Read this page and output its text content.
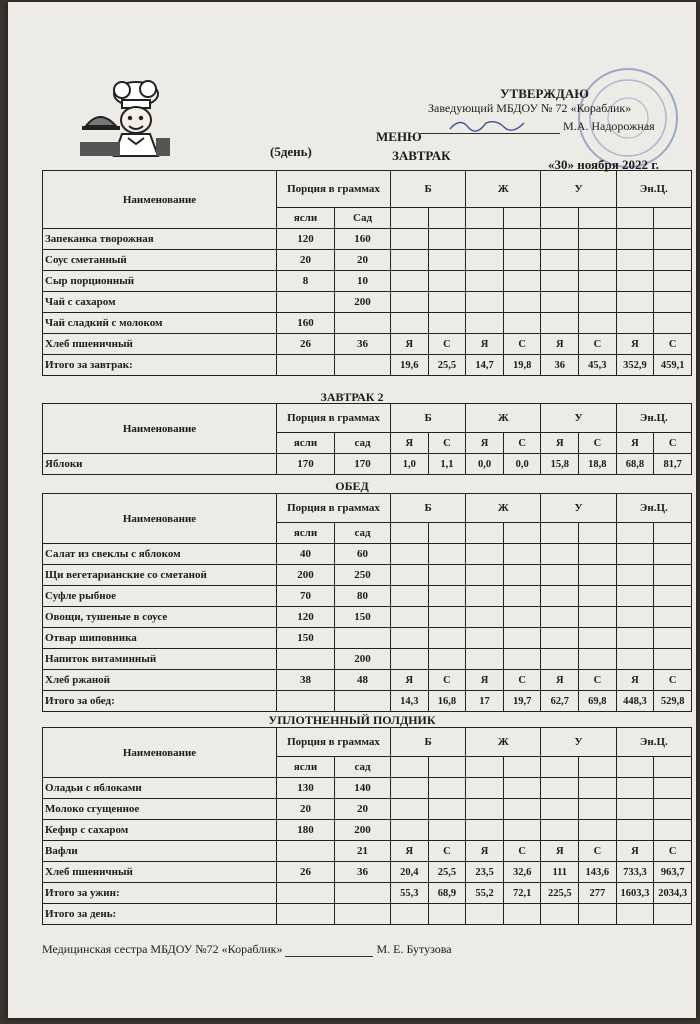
УТВЕРЖДАЮ
Заведующий МБДОУ № 72 «Кораблик»
М.А. Надорожная
МЕНЮ
(5день)	ЗАВТРАК
«30» ноября 2022 г.
Наименование	Порция в граммах		Б		Ж		У		Эн.Ц.	
	ясли	Сад								
Запеканка творожная	120	160								
Соус сметанный	20	20								
Сыр порционный	8	10								
Чай с сахаром		200								
Чай сладкий с молоком	160									
Хлеб пшеничный	26	36	Я	С	Я	С	Я	С	Я	С
Итого за завтрак:			19,6	25,5	14,7	19,8	36	45,3	352,9	459,1
ЗАВТРАК 2
Наименование	Порция в граммах		Б		Ж		У		Эн.Ц.	
	ясли	сад	Я	С	Я	С	Я	С	Я	С
Яблоки	170	170	1,0	1,1	0,0	0,0	15,8	18,8	68,8	81,7
ОБЕД
Наименование	Порция в граммах		Б		Ж		У		Эн.Ц.	
	ясли	сад								
Салат из свеклы с яблоком	40	60								
Щи вегетарианские со сметаной	200	250								
Суфле рыбное	70	80								
Овощи, тушеные в соусе	120	150								
Отвар шиповника	150									
Напиток витаминный		200								
Хлеб ржаной	38	48	Я	С	Я	С	Я	С	Я	С
Итого за обед:			14,3	16,8	17	19,7	62,7	69,8	448,3	529,8
УПЛОТНЕННЫЙ ПОЛДНИК
Наименование	Порция в граммах		Б		Ж		У		Эн.Ц.	
	ясли	сад								
Оладьи с яблоками	130	140								
Молоко сгущенное	20	20								
Кефир с сахаром	180	200								
Вафли		21	Я	С	Я	С	Я	С	Я	С
Хлеб пшеничный	26	36	20,4	25,5	23,5	32,6	111	143,6	733,3	963,7
Итого за ужин:			55,3	68,9	55,2	72,1	225,5	277	1603,3	2034,3
Итого за день:										
Медицинская сестра МБДОУ №72 «Кораблик»	М. Е. Бутузова
